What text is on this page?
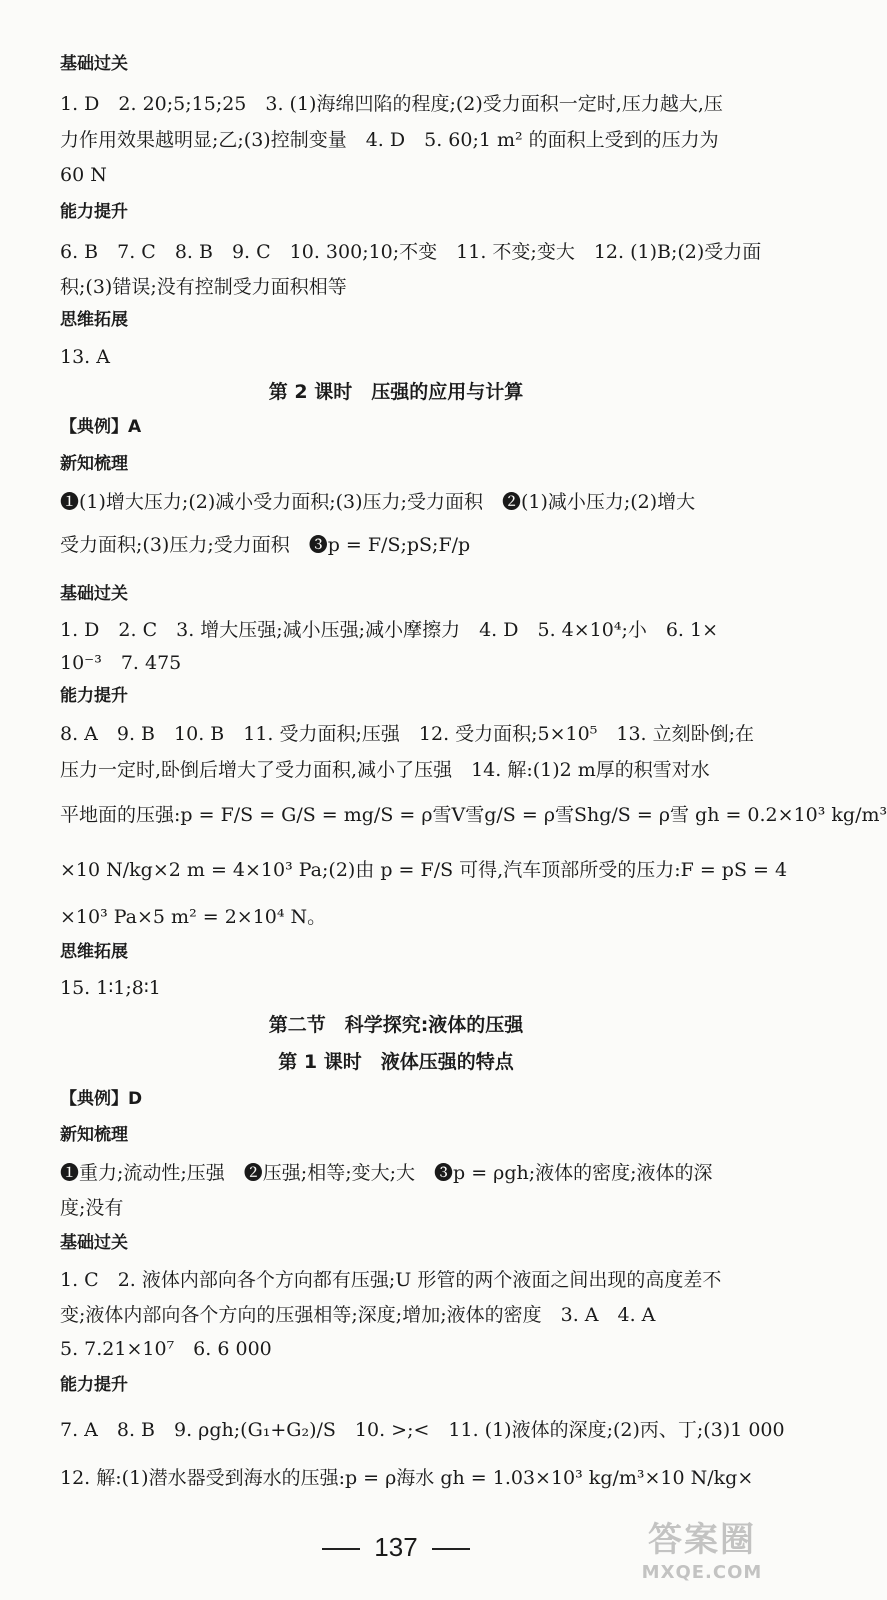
基础过关
1. D　2. 20;5;15;25　3. (1)海绵凹陷的程度;(2)受力面积一定时,压力越大,压
力作用效果越明显;乙;(3)控制变量　4. D　5. 60;1 m² 的面积上受到的压力为
60 N
能力提升
6. B　7. C　8. B　9. C　10. 300;10;不变　11. 不变;变大　12. (1)B;(2)受力面
积;(3)错误;没有控制受力面积相等
思维拓展
13. A
第 2 课时　压强的应用与计算
【典例】A
新知梳理
❶(1)增大压力;(2)减小受力面积;(3)压力;受力面积　❷(1)减小压力;(2)增大
受力面积;(3)压力;受力面积　❸p = F/S;pS;F/p
基础过关
1. D　2. C　3. 增大压强;减小压强;减小摩擦力　4. D　5. 4×10⁴;小　6. 1×
10⁻³　7. 475
能力提升
8. A　9. B　10. B　11. 受力面积;压强　12. 受力面积;5×10⁵　13. 立刻卧倒;在
压力一定时,卧倒后增大了受力面积,减小了压强　14. 解:(1)2 m厚的积雪对水
平地面的压强:p = F/S = G/S = mg/S = ρ雪V雪g/S = ρ雪Shg/S = ρ雪 gh = 0.2×10³ kg/m³
×10 N/kg×2 m = 4×10³ Pa;(2)由 p = F/S 可得,汽车顶部所受的压力:F = pS = 4
×10³ Pa×5 m² = 2×10⁴ N。
思维拓展
15. 1∶1;8∶1
第二节　科学探究:液体的压强
第 1 课时　液体压强的特点
【典例】D
新知梳理
❶重力;流动性;压强　❷压强;相等;变大;大　❸p = ρgh;液体的密度;液体的深
度;没有
基础过关
1. C　2. 液体内部向各个方向都有压强;U 形管的两个液面之间出现的高度差不
变;液体内部向各个方向的压强相等;深度;增加;液体的密度　3. A　4. A
5. 7.21×10⁷　6. 6 000
能力提升
7. A　8. B　9. ρgh;(G₁+G₂)/S　10. >;<　11. (1)液体的深度;(2)丙、丁;(3)1 000
12. 解:(1)潜水器受到海水的压强:p = ρ海水 gh = 1.03×10³ kg/m³×10 N/kg×
137	答案圈
MXQE.COM
